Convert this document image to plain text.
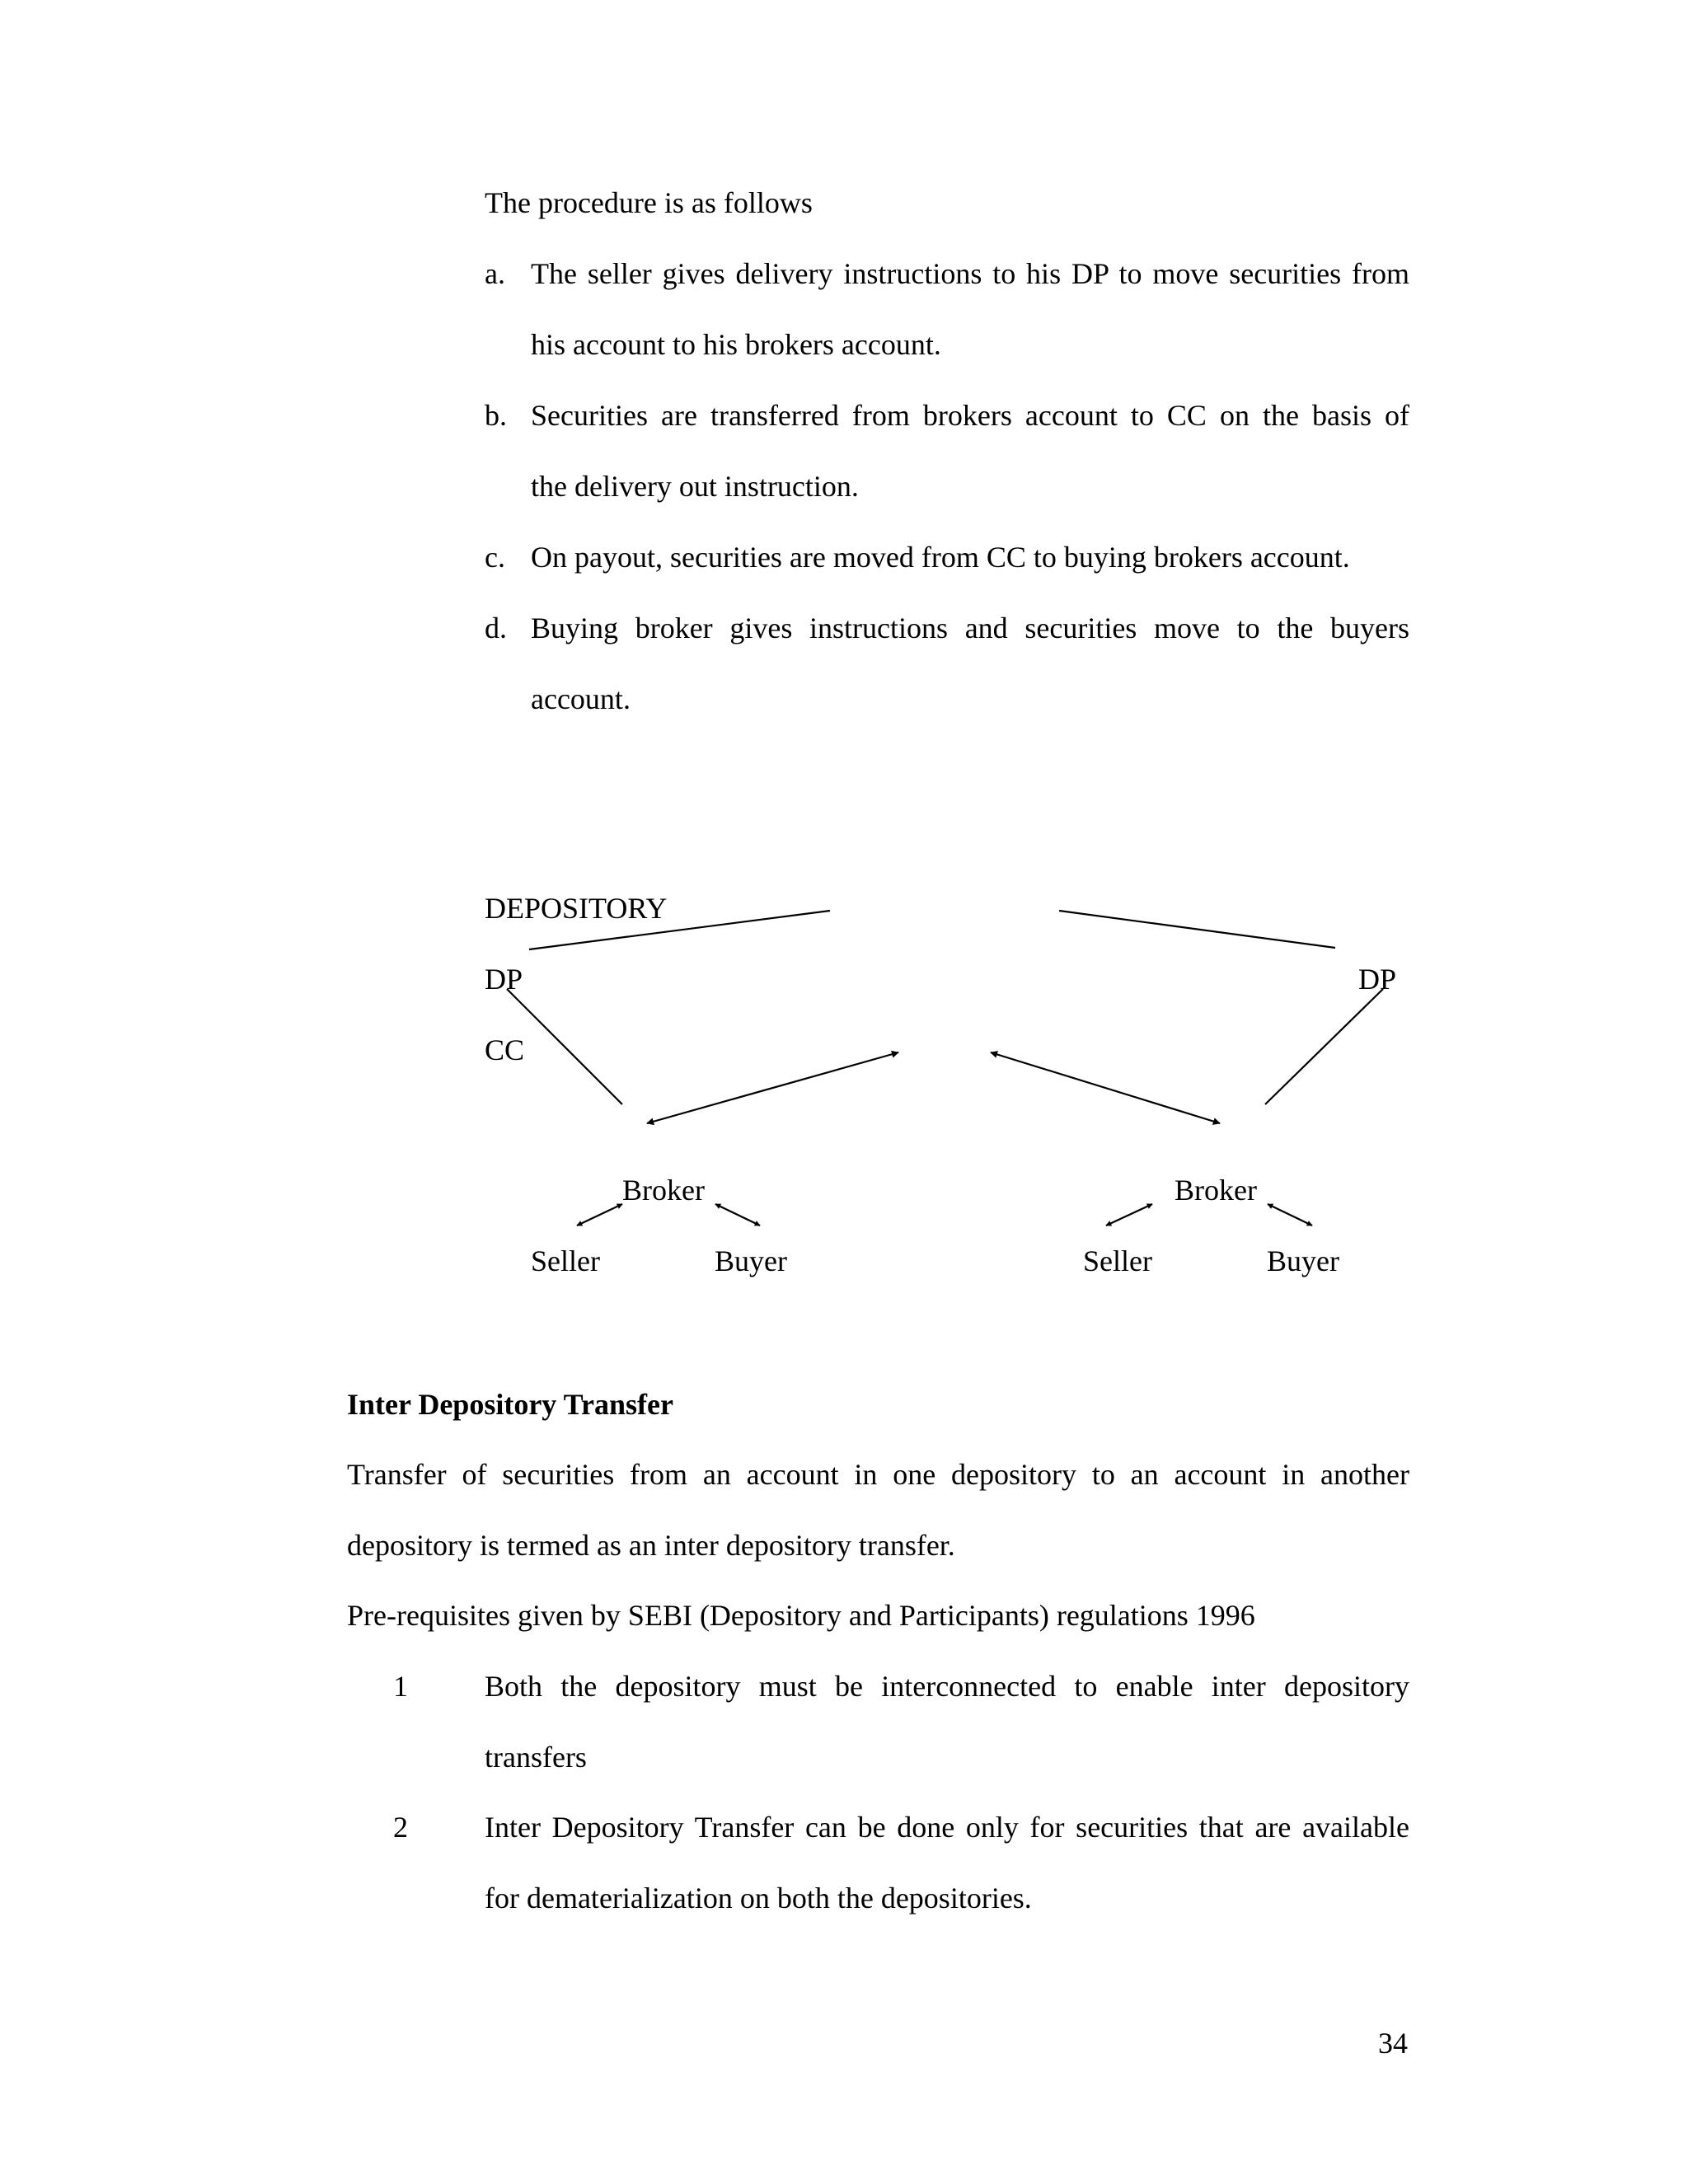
The procedure is as follows
a. The seller gives delivery instructions to his DP to move securities from
his account to his brokers account.
b. Securities are transferred from brokers account to CC on the basis of
the delivery out instruction.
c. On payout, securities are moved from CC to buying brokers account.
d. Buying broker gives instructions and securities move to the buyers
account.
DEPOSITORY
DP
CC
DP
Broker
Seller	Buyer
Broker
Seller	Buyer
Inter Depository Transfer
Transfer of securities from an account in one depository to an account in another
depository is termed as an inter depository transfer.
Pre-requisites given by SEBI (Depository and Participants) regulations 1996
1	Both the depository must be interconnected to enable inter depository
transfers
2	Inter Depository Transfer can be done only for securities that are available
for dematerialization on both the depositories.
34
